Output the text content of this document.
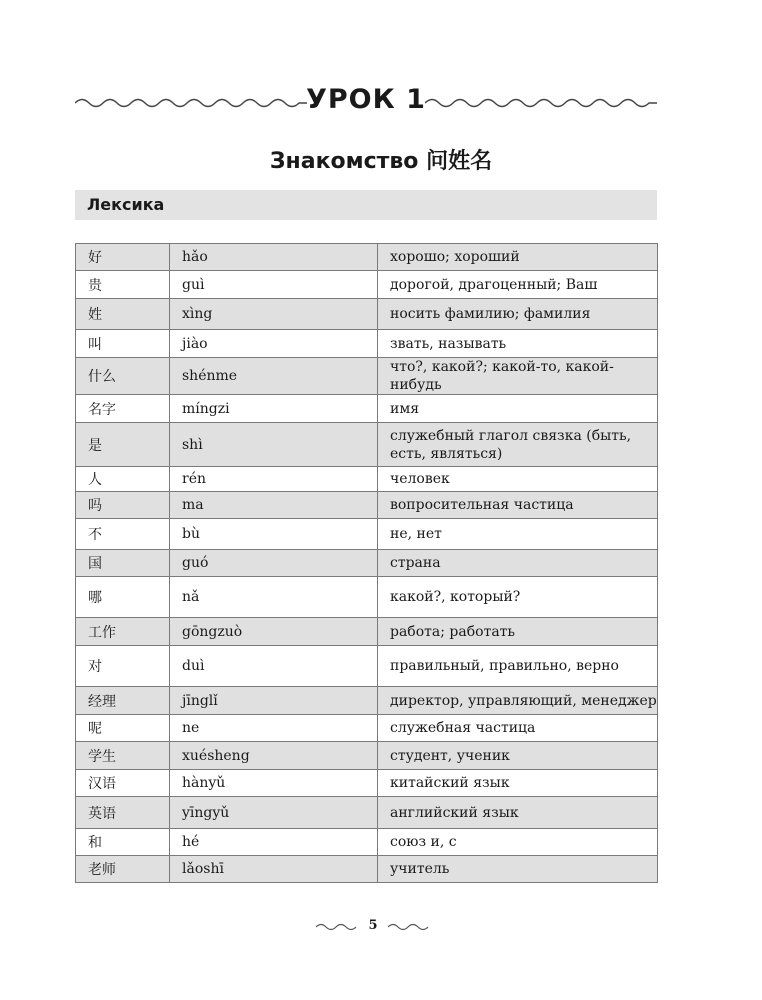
УРОК 1
Знакомство 问姓名
Лексика
好	hǎo	хорошо; хороший
贵	guì	дорогой, драгоценный; Ваш
姓	xìng	носить фамилию; фамилия
叫	jiào	звать, называть
什么	shénme	что?, какой?; какой-то, какой-нибудь
名字	míngzi	имя
是	shì	служебный глагол связка (быть, есть, являться)
人	rén	человек
吗	ma	вопросительная частица
不	bù	не, нет
国	guó	страна
哪	nǎ	какой?, который?
工作	gōngzuò	работа; работать
对	duì	правильный, правильно, верно
经理	jīnglǐ	директор, управляющий, менеджер
呢	ne	служебная частица
学生	xuésheng	студент, ученик
汉语	hànyǔ	китайский язык
英语	yīngyǔ	английский язык
和	hé	союз и, с
老师	lǎoshī	учитель
5
